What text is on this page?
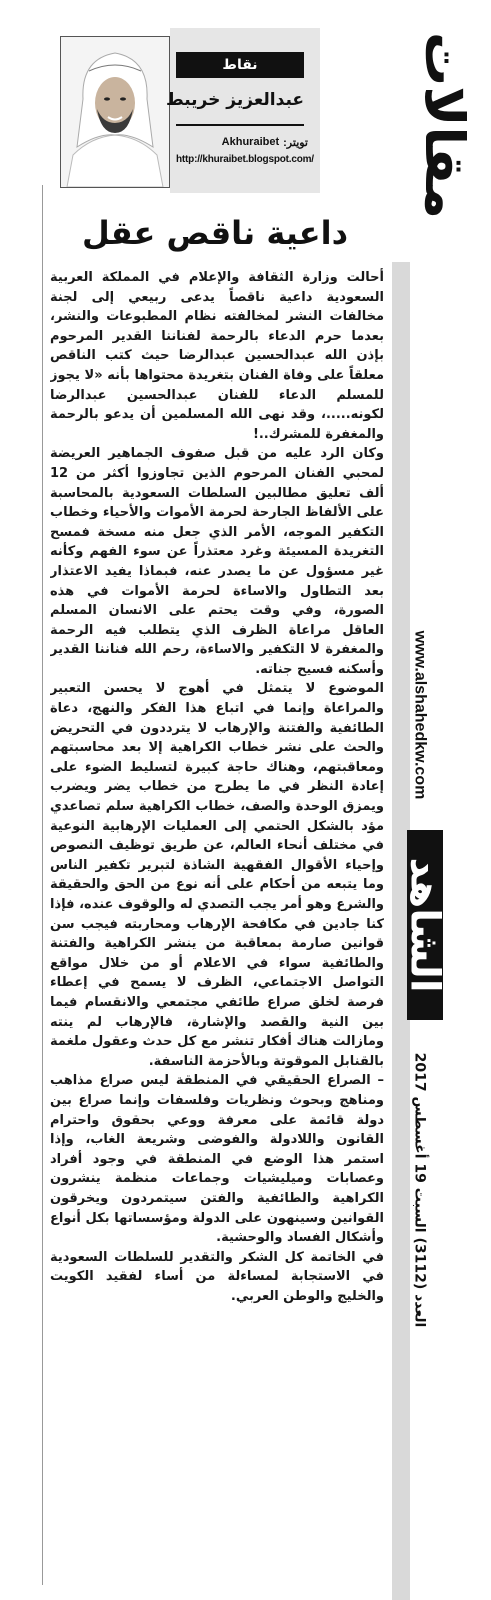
مقالات
www.alshahedkw.com
الشاهد
العدد (3112) السبت 19 أغسطس 2017
نقاط
عبدالعزيز خريبط
Akhuraibet تويتر:
http://khuraibet.blogspot.com/
داعية ناقص عقل

أحالت وزارة الثقافة والإعلام في المملكة العربية السعودية داعية ناقصاً يدعى ربيعي إلى لجنة مخالفات النشر لمخالفته نظام المطبوعات والنشر، بعدما حرم الدعاء بالرحمة لفناننا القدير المرحوم بإذن الله عبدالحسين عبدالرضا حيث كتب الناقص معلقاً على وفاة الفنان بتغريدة محتواها بأنه «لا يجوز للمسلم الدعاء للفنان عبدالحسين عبدالرضا لكونه.....، وقد نهى الله المسلمين أن يدعو بالرحمة والمغفرة للمشرك..!

وكان الرد عليه من قبل صفوف الجماهير العريضة لمحبي الفنان المرحوم الذين تجاوزوا أكثر من 12 ألف تعليق مطالبين السلطات السعودية بالمحاسبة على الألفاظ الجارحة لحرمة الأموات والأحياء وخطاب التكفير الموجه، الأمر الذي جعل منه مسخة فمسح التغريدة المسيئة وغرد معتذراً عن سوء الفهم وكأنه غير مسؤول عن ما يصدر عنه، فبماذا يفيد الاعتذار بعد التطاول والاساءة لحرمة الأموات في هذه الصورة، وفي وقت يحتم على الانسان المسلم العاقل مراعاة الظرف الذي يتطلب فيه الرحمة والمغفرة لا التكفير والاساءة، رحم الله فناننا القدير وأسكنه فسيح جناته.

الموضوع لا يتمثل في أهوج لا يحسن التعبير والمراعاة وإنما في اتباع هذا الفكر والنهج، دعاة الطائفية والفتنة والإرهاب لا يترددون في التحريض والحث على نشر خطاب الكراهية إلا بعد محاسبتهم ومعاقبتهم، وهناك حاجة كبيرة لتسليط الضوء على إعادة النظر في ما يطرح من خطاب يضر ويضرب ويمزق الوحدة والصف، خطاب الكراهية سلم تصاعدي مؤد بالشكل الحتمي إلى العمليات الإرهابية النوعية في مختلف أنحاء العالم، عن طريق توظيف النصوص وإحياء الأقوال الفقهية الشاذة لتبرير تكفير الناس وما يتبعه من أحكام على أنه نوع من الحق والحقيقة والشرع وهو أمر يجب التصدي له والوقوف عنده، فإذا كنا جادين في مكافحة الإرهاب ومحاربته فيجب سن قوانين صارمة بمعاقبة من ينشر الكراهية والفتنة والطائفية سواء في الاعلام أو من خلال مواقع التواصل الاجتماعي، الظرف لا يسمح في إعطاء فرصة لخلق صراع طائفي مجتمعي والانقسام فيما بين النية والقصد والإشارة، فالإرهاب لم ينته ومازالت هناك أفكار تنشر مع كل حدث وعقول ملغمة بالقنابل الموقوتة وبالأحزمة الناسفة.

– الصراع الحقيقي في المنطقة ليس صراع مذاهب ومناهج وبحوث ونظريات وفلسفات وإنما صراع بين دولة قائمة على معرفة ووعي بحقوق واحترام القانون واللادولة والفوضى وشريعة الغاب، وإذا استمر هذا الوضع في المنطقة في وجود أفراد وعصابات وميليشيات وجماعات منظمة ينشرون الكراهية والطائفية والفتن سيتمردون ويخرقون القوانين وسينهون على الدولة ومؤسساتها بكل أنواع وأشكال الفساد والوحشية.

في الخاتمة كل الشكر والتقدير للسلطات السعودية في الاستجابة لمساءلة من أساء لفقيد الكويت والخليج والوطن العربي.
